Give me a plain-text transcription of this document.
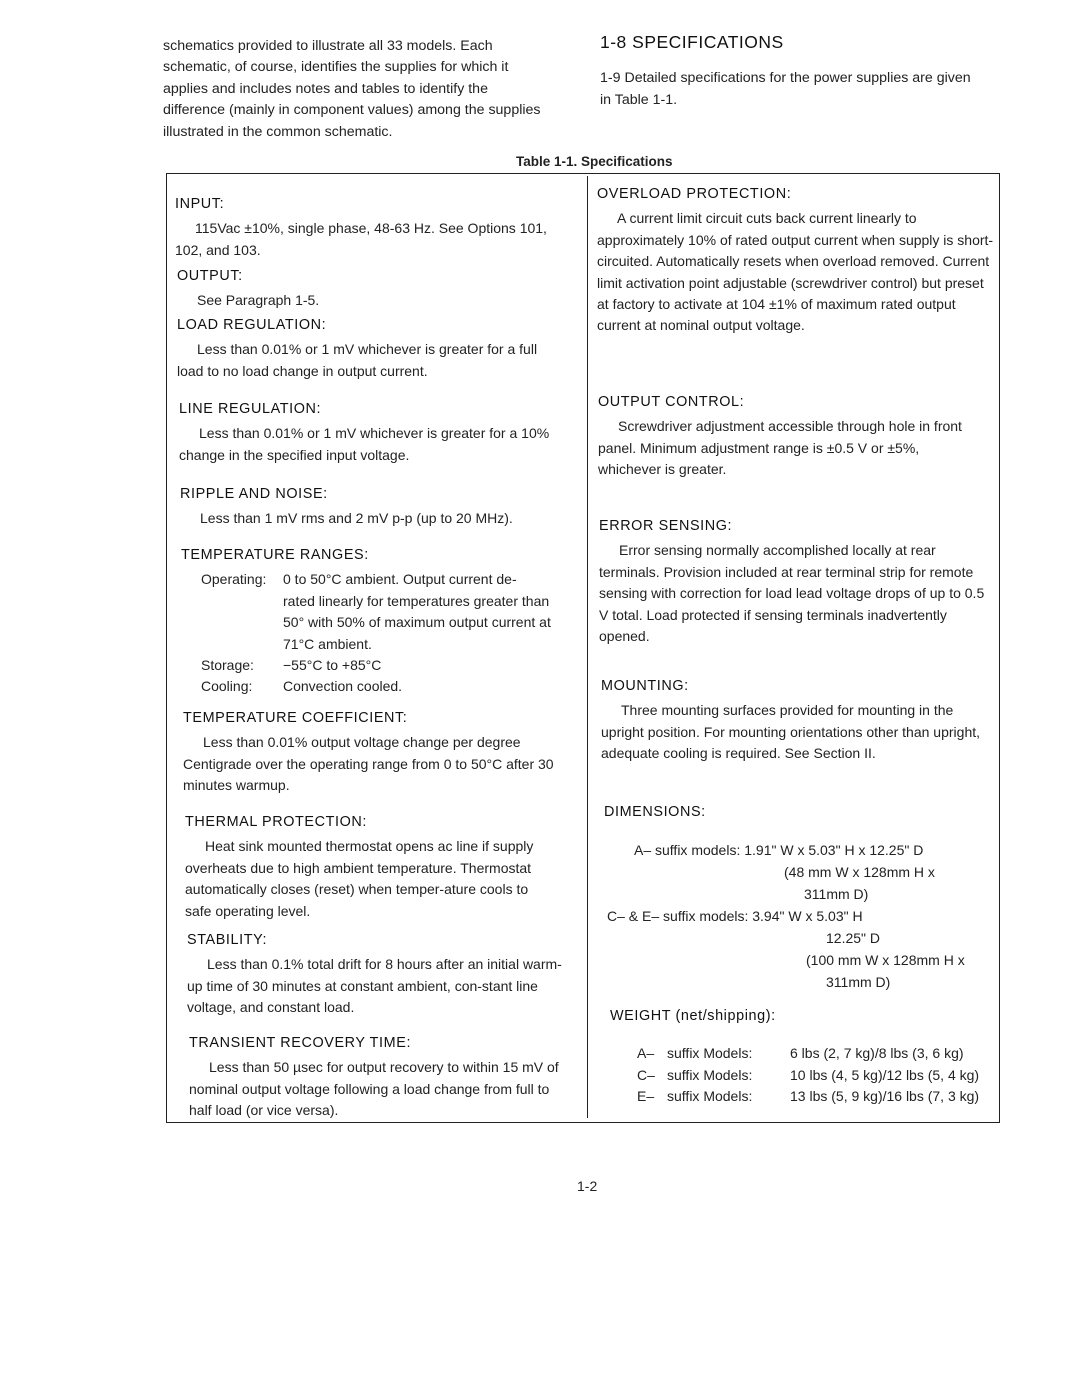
schematics provided to illustrate all 33 models. Each schematic, of course, identifies the supplies for which it applies and includes notes and tables to identify the difference (mainly in component values) among the supplies illustrated in the common schematic.

1-8 SPECIFICATIONS

1-9 Detailed specifications for the power supplies are given in Table 1-1.

Table 1-1. Specifications
INPUT:
115Vac ±10%, single phase, 48-63 Hz. See Options 101, 102, and 103.
OUTPUT:
See Paragraph 1-5.
LOAD REGULATION:
Less than 0.01% or 1 mV whichever is greater for a full load to no load change in output current.
LINE REGULATION:
Less than 0.01% or 1 mV whichever is greater for a 10% change in the specified input voltage.
RIPPLE AND NOISE:
Less than 1 mV rms and 2 mV p-p (up to 20 MHz).
TEMPERATURE RANGES:
Operating:	0 to 50°C ambient. Output current de-
rated linearly for temperatures greater than 50° with 50% of maximum output current at 71°C ambient.
Storage:	−55°C to +85°C
Cooling:	Convection cooled.
TEMPERATURE COEFFICIENT:
Less than 0.01% output voltage change per degree Centigrade over the operating range from 0 to 50°C after 30 minutes warmup.
THERMAL PROTECTION:
Heat sink mounted thermostat opens ac line if supply overheats due to high ambient temperature. Thermostat automatically closes (reset) when temper-ature cools to safe operating level.
STABILITY:
Less than 0.1% total drift for 8 hours after an initial warm-up time of 30 minutes at constant ambient, con-stant line voltage, and constant load.
TRANSIENT RECOVERY TIME:
Less than 50 µsec for output recovery to within 15 mV of nominal output voltage following a load change from full to half load (or vice versa).
OVERLOAD PROTECTION:
A current limit circuit cuts back current linearly to approximately 10% of rated output current when supply is short-circuited. Automatically resets when overload removed. Current limit activation point adjustable (screwdriver control) but preset at factory to activate at 104 ±1% of maximum rated output current at nominal output voltage.
OUTPUT CONTROL:
Screwdriver adjustment accessible through hole in front panel. Minimum adjustment range is ±0.5 V or ±5%, whichever is greater.
ERROR SENSING:
Error sensing normally accomplished locally at rear terminals. Provision included at rear terminal strip for remote sensing with correction for load lead voltage drops of up to 0.5 V total. Load protected if sensing terminals inadvertently opened.
MOUNTING:
Three mounting surfaces provided for mounting in the upright position. For mounting orientations other than upright, adequate cooling is required. See Section II.
DIMENSIONS:
A– suffix models: 1.91" W x 5.03" H x 12.25" D
(48 mm W x 128mm H x
311mm D)
C– & E– suffix models: 3.94" W x 5.03" H
12.25" D
(100 mm W x 128mm H x
311mm D)
WEIGHT (net/shipping):
A– suffix Models:	6 lbs (2, 7 kg)/8 lbs (3, 6 kg)
C– suffix Models:	10 lbs (4, 5 kg)/12 lbs (5, 4 kg)
E– suffix Models:	13 lbs (5, 9 kg)/16 lbs (7, 3 kg)
1-2
